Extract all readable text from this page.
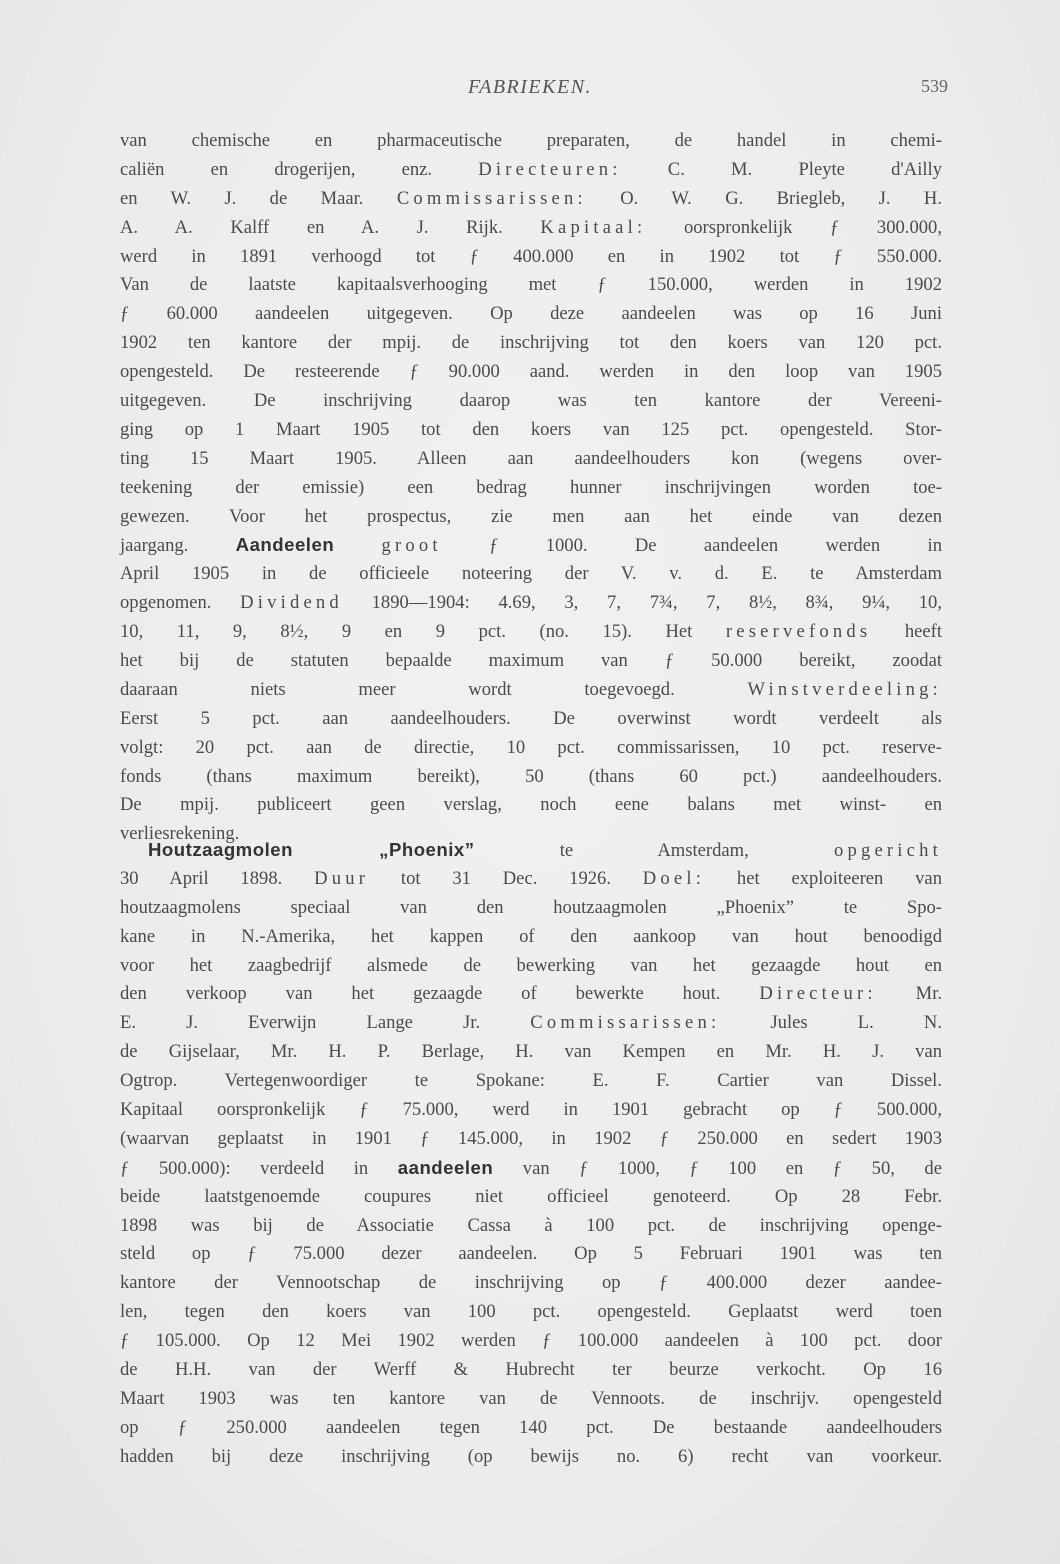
FABRIEKEN.	539
van chemische en pharmaceutische preparaten, de handel in chemi-
caliën en drogerijen, enz. Directeuren: C. M. Pleyte d'Ailly
en W. J. de Maar. Commissarissen: O. W. G. Briegleb, J. H.
A. A. Kalff en A. J. Rijk. Kapitaal: oorspronkelijk ƒ 300.000,
werd in 1891 verhoogd tot ƒ 400.000 en in 1902 tot ƒ 550.000.
Van de laatste kapitaalsverhooging met ƒ 150.000, werden in 1902
ƒ 60.000 aandeelen uitgegeven. Op deze aandeelen was op 16 Juni
1902 ten kantore der mpij. de inschrijving tot den koers van 120 pct.
opengesteld. De resteerende ƒ 90.000 aand. werden in den loop van 1905
uitgegeven. De inschrijving daarop was ten kantore der Vereeni-
ging op 1 Maart 1905 tot den koers van 125 pct. opengesteld. Stor-
ting 15 Maart 1905. Alleen aan aandeelhouders kon (wegens over-
teekening der emissie) een bedrag hunner inschrijvingen worden toe-
gewezen. Voor het prospectus, zie men aan het einde van dezen
jaargang. Aandeelen	groot ƒ 1000. De aandeelen werden in
April 1905 in de officieele noteering der V. v. d. E. te Amsterdam
opgenomen. Dividend 1890—1904: 4.69, 3, 7, 7¾, 7, 8½, 8¾, 9¼, 10,
10, 11, 9, 8½, 9 en 9 pct. (no. 15). Het reservefonds heeft
het bij de statuten bepaalde maximum van ƒ 50.000 bereikt, zoodat
daaraan niets meer wordt toegevoegd. Winstverdeeling:
Eerst 5 pct. aan aandeelhouders. De overwinst wordt verdeelt als
volgt: 20 pct. aan de directie, 10 pct. commissarissen, 10 pct. reserve-
fonds (thans maximum bereikt), 50 (thans 60 pct.) aandeelhouders.
De mpij. publiceert geen verslag, noch eene balans met winst- en
verliesrekening.
Houtzaagmolen „Phoenix” te Amsterdam, opgericht
30 April 1898. Duur tot 31 Dec. 1926. Doel: het exploiteeren van
houtzaagmolens speciaal van den houtzaagmolen „Phoenix” te Spo-
kane in N.-Amerika, het kappen of den aankoop van hout benoodigd
voor het zaagbedrijf alsmede de bewerking van het gezaagde hout en
den verkoop van het gezaagde of bewerkte hout. Directeur: Mr.
E. J. Everwijn Lange Jr. Commissarissen: Jules L. N.
de Gijselaar, Mr. H. P. Berlage, H. van Kempen en Mr. H. J. van
Ogtrop. Vertegenwoordiger te Spokane: E. F. Cartier van Dissel.
Kapitaal oorspronkelijk ƒ 75.000, werd in 1901 gebracht op ƒ 500.000,
(waarvan geplaatst in 1901 ƒ 145.000, in 1902 ƒ 250.000 en sedert 1903
ƒ 500.000): verdeeld in aandeelen van ƒ 1000, ƒ 100 en ƒ 50, de
beide laatstgenoemde coupures niet officieel genoteerd. Op 28 Febr.
1898 was bij de Associatie Cassa à 100 pct. de inschrijving openge-
steld op ƒ 75.000 dezer aandeelen. Op 5 Februari 1901 was ten
kantore der Vennootschap de inschrijving op ƒ 400.000 dezer aandee-
len, tegen den koers van 100 pct. opengesteld. Geplaatst werd toen
ƒ 105.000. Op 12 Mei 1902 werden ƒ 100.000 aandeelen à 100 pct. door
de H.H. van der Werff & Hubrecht ter beurze verkocht. Op 16
Maart 1903 was ten kantore van de Vennoots. de inschrijv. opengesteld
op ƒ 250.000 aandeelen tegen 140 pct. De bestaande aandeelhouders
hadden bij deze inschrijving (op bewijs no. 6) recht van voorkeur.
